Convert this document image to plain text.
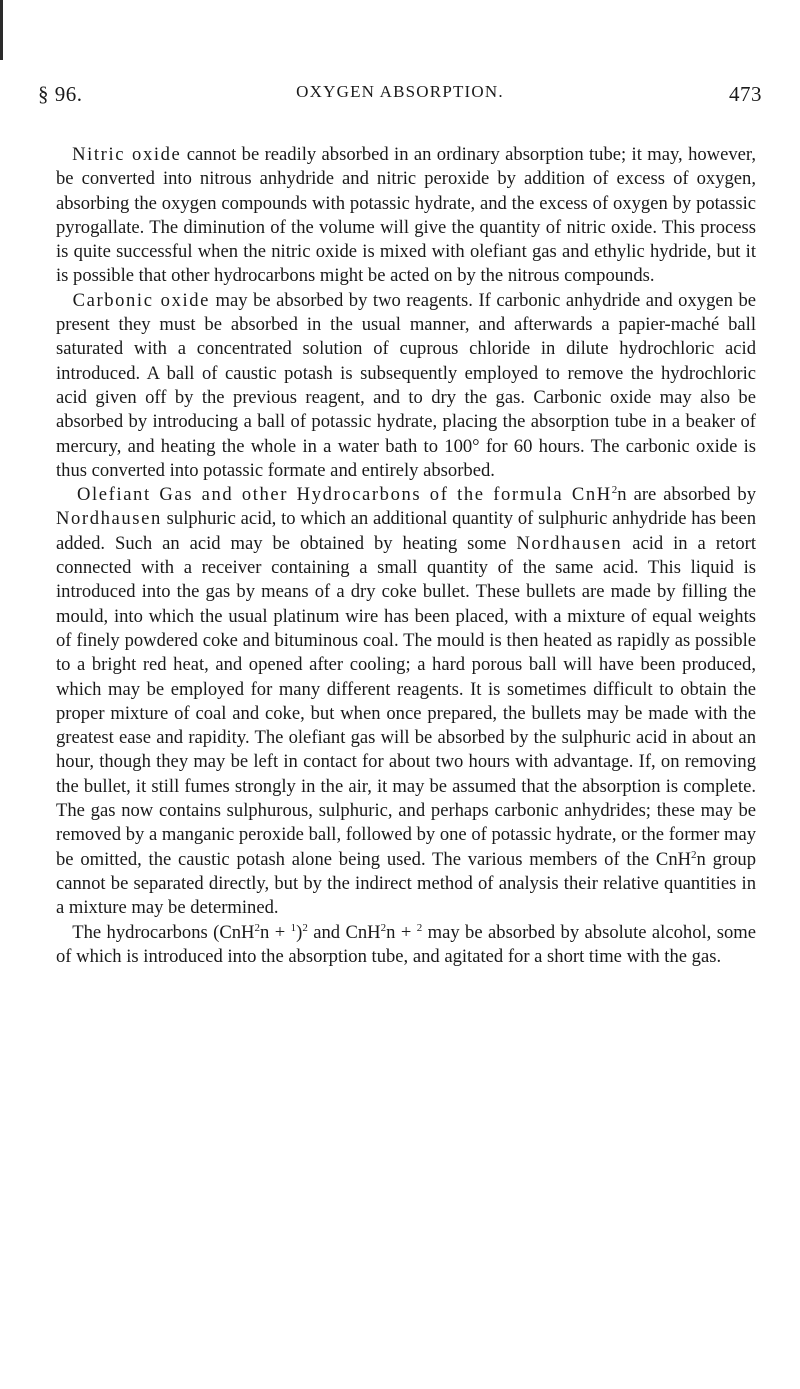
§ 96.	OXYGEN ABSORPTION.	473

Nitric oxide cannot be readily absorbed in an ordinary absorption tube; it may, however, be converted into nitrous anhydride and nitric peroxide by addition of excess of oxygen, absorbing the oxygen compounds with potassic hydrate, and the excess of oxygen by potassic pyrogallate. The diminution of the volume will give the quantity of nitric oxide. This process is quite successful when the nitric oxide is mixed with olefiant gas and ethylic hydride, but it is possible that other hydrocarbons might be acted on by the nitrous compounds.

Carbonic oxide may be absorbed by two reagents. If carbonic anhydride and oxygen be present they must be absorbed in the usual manner, and afterwards a papier-maché ball saturated with a concentrated solution of cuprous chloride in dilute hydrochloric acid introduced. A ball of caustic potash is subsequently employed to remove the hydrochloric acid given off by the previous reagent, and to dry the gas. Carbonic oxide may also be absorbed by introducing a ball of potassic hydrate, placing the absorption tube in a beaker of mercury, and heating the whole in a water bath to 100° for 60 hours. The carbonic oxide is thus converted into potassic formate and entirely absorbed.

Olefiant Gas and other Hydrocarbons of the formula CnH$^2$n are absorbed by Nordhausen sulphuric acid, to which an additional quantity of sulphuric anhydride has been added. Such an acid may be obtained by heating some Nordhausen acid in a retort connected with a receiver containing a small quantity of the same acid. This liquid is introduced into the gas by means of a dry coke bullet. These bullets are made by filling the mould, into which the usual platinum wire has been placed, with a mixture of equal weights of finely powdered coke and bituminous coal. The mould is then heated as rapidly as possible to a bright red heat, and opened after cooling; a hard porous ball will have been produced, which may be employed for many different reagents. It is sometimes difficult to obtain the proper mixture of coal and coke, but when once prepared, the bullets may be made with the greatest ease and rapidity. The olefiant gas will be absorbed by the sulphuric acid in about an hour, though they may be left in contact for about two hours with advantage. If, on removing the bullet, it still fumes strongly in the air, it may be assumed that the absorption is complete. The gas now contains sulphurous, sulphuric, and perhaps carbonic anhydrides; these may be removed by a manganic peroxide ball, followed by one of potassic hydrate, or the former may be omitted, the caustic potash alone being used. The various members of the CnH$^2$n group cannot be separated directly, but by the indirect method of analysis their relative quantities in a mixture may be determined.

The hydrocarbons $(CnH^2n + ^1)^2$ and CnH$^2$n + $^2$ may be absorbed by absolute alcohol, some of which is introduced into the absorption tube, and agitated for a short time with the gas.
